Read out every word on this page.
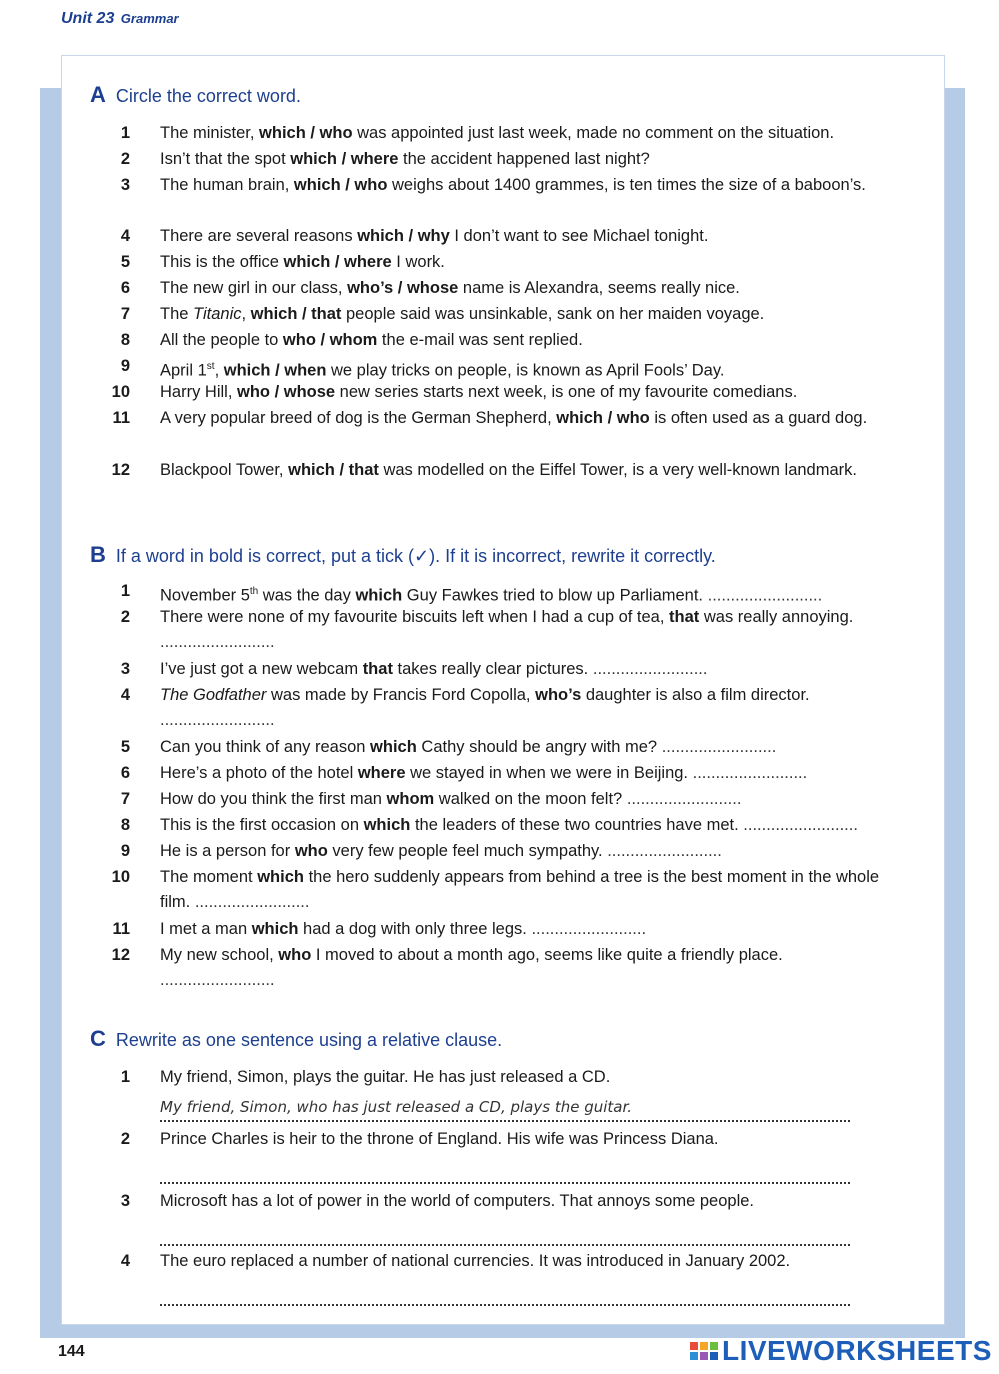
Unit 23 Grammar
A Circle the correct word.
1 The minister, which / who was appointed just last week, made no comment on the situation.
2 Isn’t that the spot which / where the accident happened last night?
3 The human brain, which / who weighs about 1400 grammes, is ten times the size of a baboon’s.
4 There are several reasons which / why I don’t want to see Michael tonight.
5 This is the office which / where I work.
6 The new girl in our class, who’s / whose name is Alexandra, seems really nice.
7 The Titanic, which / that people said was unsinkable, sank on her maiden voyage.
8 All the people to who / whom the e-mail was sent replied.
9 April 1st, which / when we play tricks on people, is known as April Fools’ Day.
10 Harry Hill, who / whose new series starts next week, is one of my favourite comedians.
11 A very popular breed of dog is the German Shepherd, which / who is often used as a guard dog.
12 Blackpool Tower, which / that was modelled on the Eiffel Tower, is a very well-known landmark.
B If a word in bold is correct, put a tick (✓). If it is incorrect, rewrite it correctly.
1 November 5th was the day which Guy Fawkes tried to blow up Parliament. .........................
2 There were none of my favourite biscuits left when I had a cup of tea, that was really annoying. .........................
3 I’ve just got a new webcam that takes really clear pictures. .........................
4 The Godfather was made by Francis Ford Copolla, who’s daughter is also a film director.
.........................
5 Can you think of any reason which Cathy should be angry with me? .........................
6 Here’s a photo of the hotel where we stayed in when we were in Beijing. .........................
7 How do you think the first man whom walked on the moon felt? .........................
8 This is the first occasion on which the leaders of these two countries have met. .........................
9 He is a person for who very few people feel much sympathy. .........................
10 The moment which the hero suddenly appears from behind a tree is the best moment in the whole film. .........................
11 I met a man which had a dog with only three legs. .........................
12 My new school, who I moved to about a month ago, seems like quite a friendly place.
.........................
C Rewrite as one sentence using a relative clause.
1 My friend, Simon, plays the guitar. He has just released a CD.
2 Prince Charles is heir to the throne of England. His wife was Princess Diana.
3 Microsoft has a lot of power in the world of computers. That annoys some people.
4 The euro replaced a number of national currencies. It was introduced in January 2002.
My friend, Simon, who has just released a CD, plays the guitar.
144	LIVEWORKSHEETS
